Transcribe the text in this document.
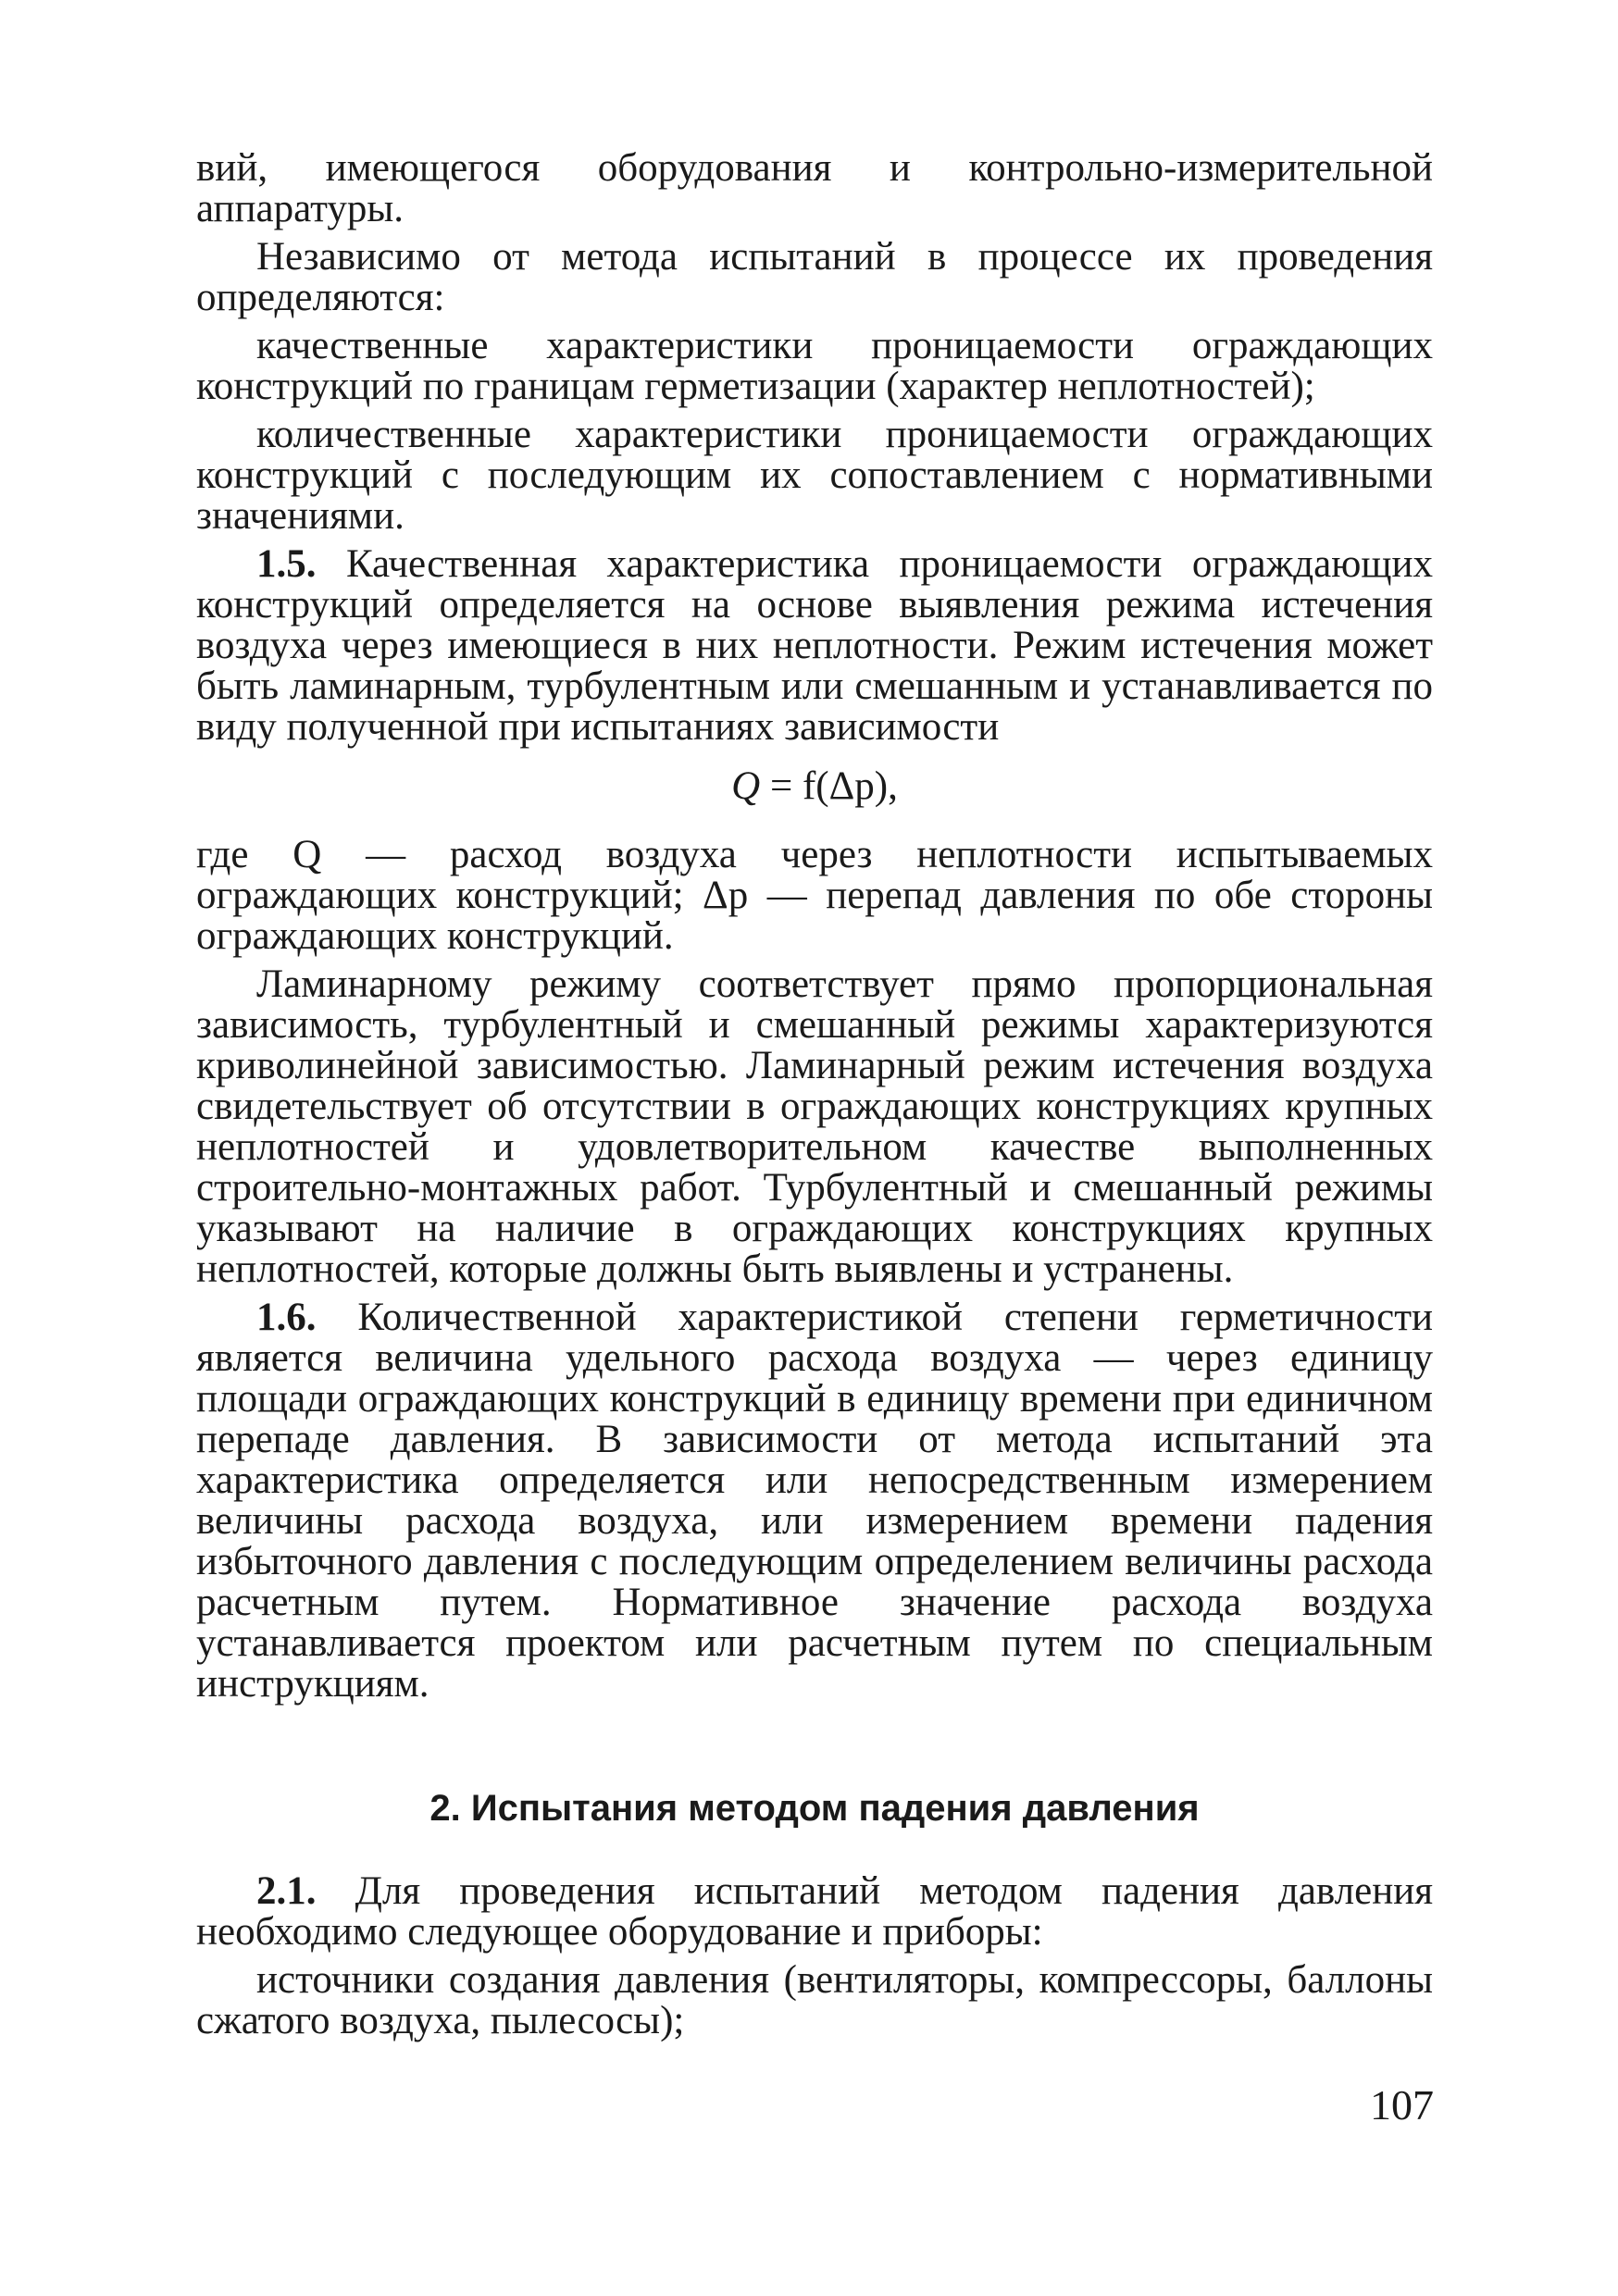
вий, имеющегося оборудования и контрольно-измерительной аппаратуры.

Независимо от метода испытаний в процессе их проведения определяются:

качественные характеристики проницаемости ограждающих конструкций по границам герметизации (характер неплотностей);

количественные характеристики проницаемости ограждающих конструкций с последующим их сопоставлением с нормативными значениями.

1.5. Качественная характеристика проницаемости ограждающих конструкций определяется на основе выявления режима истечения воздуха через имеющиеся в них неплотности. Режим истечения может быть ламинарным, турбулентным или смешанным и устанавливается по виду полученной при испытаниях зависимости

Q = f(Δp),

где Q — расход воздуха через неплотности испытываемых ограждающих конструкций; Δp — перепад давления по обе стороны ограждающих конструкций.

Ламинарному режиму соответствует прямо пропорциональная зависимость, турбулентный и смешанный режимы характеризуются криволинейной зависимостью. Ламинарный режим истечения воздуха свидетельствует об отсутствии в ограждающих конструкциях крупных неплотностей и удовлетворительном качестве выполненных строительно-монтажных работ. Турбулентный и смешанный режимы указывают на наличие в ограждающих конструкциях крупных неплотностей, которые должны быть выявлены и устранены.

1.6. Количественной характеристикой степени герметичности является величина удельного расхода воздуха — через единицу площади ограждающих конструкций в единицу времени при единичном перепаде давления. В зависимости от метода испытаний эта характеристика определяется или непосредственным измерением величины расхода воздуха, или измерением времени падения избыточного давления с последующим определением величины расхода расчетным путем. Нормативное значение расхода воздуха устанавливается проектом или расчетным путем по специальным инструкциям.

2. Испытания методом падения давления

2.1. Для проведения испытаний методом падения давления необходимо следующее оборудование и приборы:

источники создания давления (вентиляторы, компрессоры, баллоны сжатого воздуха, пылесосы);

107
